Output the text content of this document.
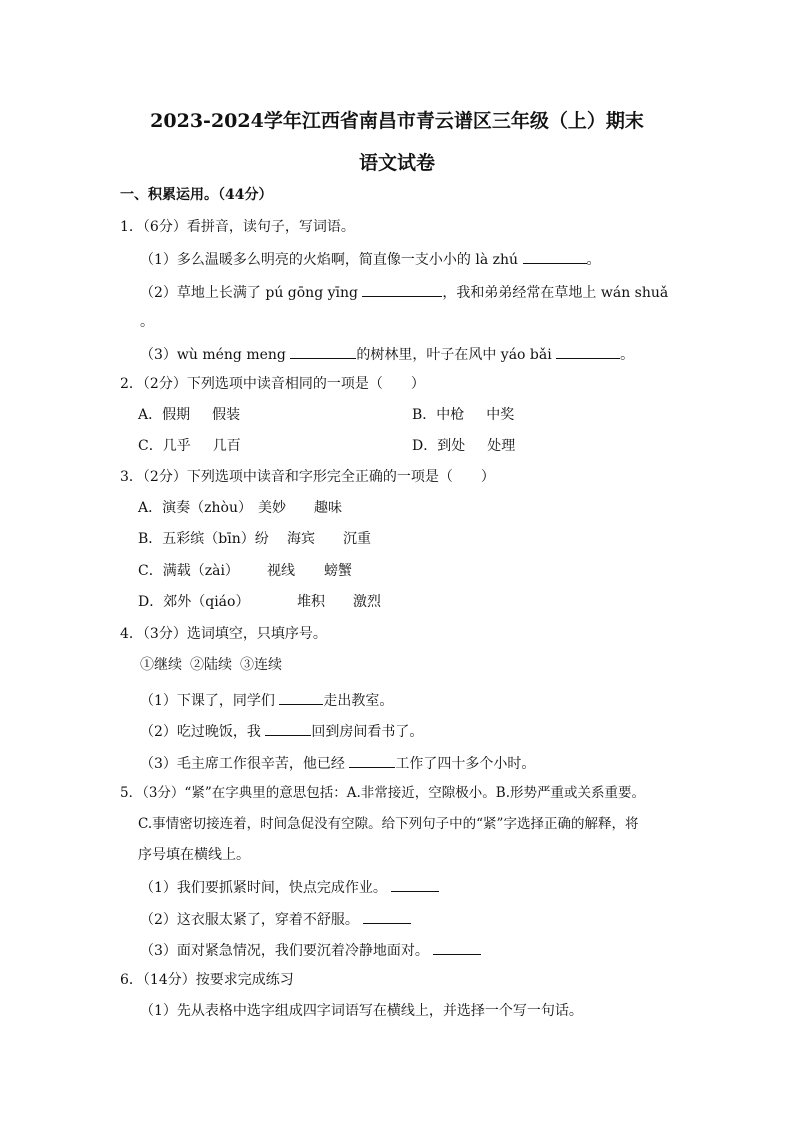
2023-2024学年江西省南昌市青云谱区三年级（上）期末
语文试卷
一、积累运用。（44分）
1．（6分）看拼音，读句子，写词语。
（1）多么温暖多么明亮的火焰啊，简直像一支小小的 là zhú	。
（2）草地上长满了 pú gōng yīng	，我和弟弟经常在草地上 wán shuǎ
。
（3）wù méng meng	的树林里，叶子在风中 yáo bǎi	。
2．（2分）下列选项中读音相同的一项是（　　）
A．假期 假装	B．中枪 中奖
C．几乎 几百	D．到处 处理
3．（2分）下列选项中读音和字形完全正确的一项是（　　）
A．演奏（zhòu） 美妙 趣味
B．五彩缤（bīn）纷 海宾 沉重
C．满载（zài） 视线 螃蟹
D．郊外（qiáo）	堆积 激烈
4．（3分）选词填空，只填序号。
①继续 ②陆续 ③连续
（1）下课了，同学们	走出教室。
（2）吃过晚饭，我	回到房间看书了。
（3）毛主席工作很辛苦，他已经	工作了四十多个小时。
5．（3分）“紧”在字典里的意思包括：A.非常接近，空隙极小。B.形势严重或关系重要。
C.事情密切接连着，时间急促没有空隙。给下列句子中的“紧”字选择正确的解释，将
序号填在横线上。
（1）我们要抓紧时间，快点完成作业。
（2）这衣服太紧了，穿着不舒服。
（3）面对紧急情况，我们要沉着冷静地面对。
6．（14分）按要求完成练习
（1）先从表格中选字组成四字词语写在横线上，并选择一个写一句话。
